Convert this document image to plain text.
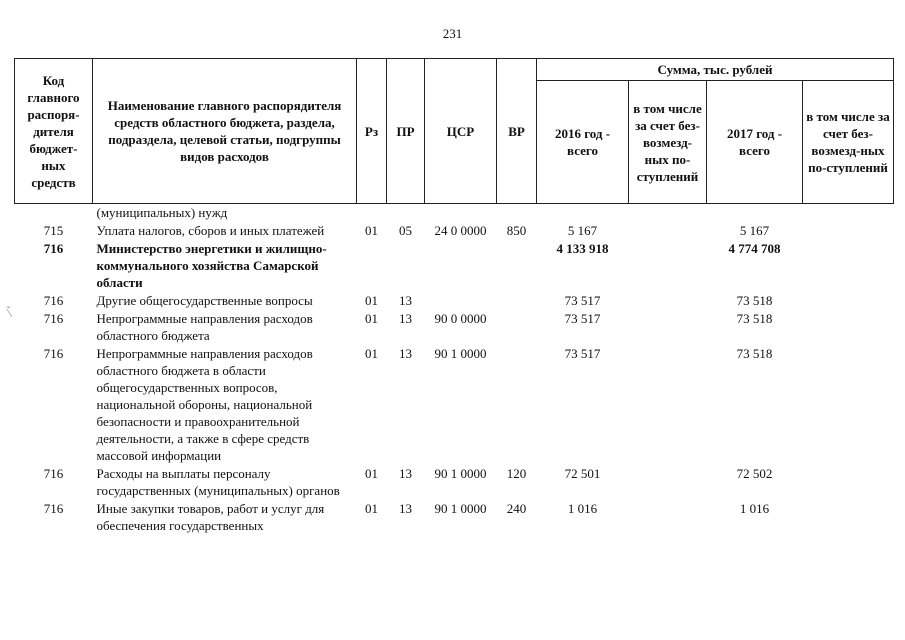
231
⁄ '
Код главного распоря-дителя бюджет-ных средств	Наименование главного распорядителя средств областного бюджета, раздела, подраздела, целевой статьи, подгруппы видов расходов	Рз	ПР	ЦСР	ВР	Сумма, тыс. рублей			
						2016 год - всего	в том числе за счет без-возмезд-ных по-ступлений	2017 год - всего	в том числе за счет без-возмезд-ных по-ступлений
	(муниципальных) нужд								
715	Уплата налогов, сборов и иных платежей	01	05	24 0 0000	850	5 167		5 167	
716	Министерство энергетики и жилищно-коммунального хозяйства Самарской области					4 133 918		4 774 708	
716	Другие общегосударственные вопросы	01	13			73 517		73 518	
716	Непрограммные направления расходов областного бюджета	01	13	90 0 0000		73 517		73 518	
716	Непрограммные направления расходов областного бюджета в области общегосударственных вопросов, национальной обороны, национальной безопасности и правоохранительной деятельности, а также в сфере средств массовой информации	01	13	90 1 0000		73 517		73 518	
716	Расходы на выплаты персоналу государственных (муниципальных) органов	01	13	90 1 0000	120	72 501		72 502	
716	Иные закупки товаров, работ и услуг для обеспечения государственных	01	13	90 1 0000	240	1 016		1 016	
